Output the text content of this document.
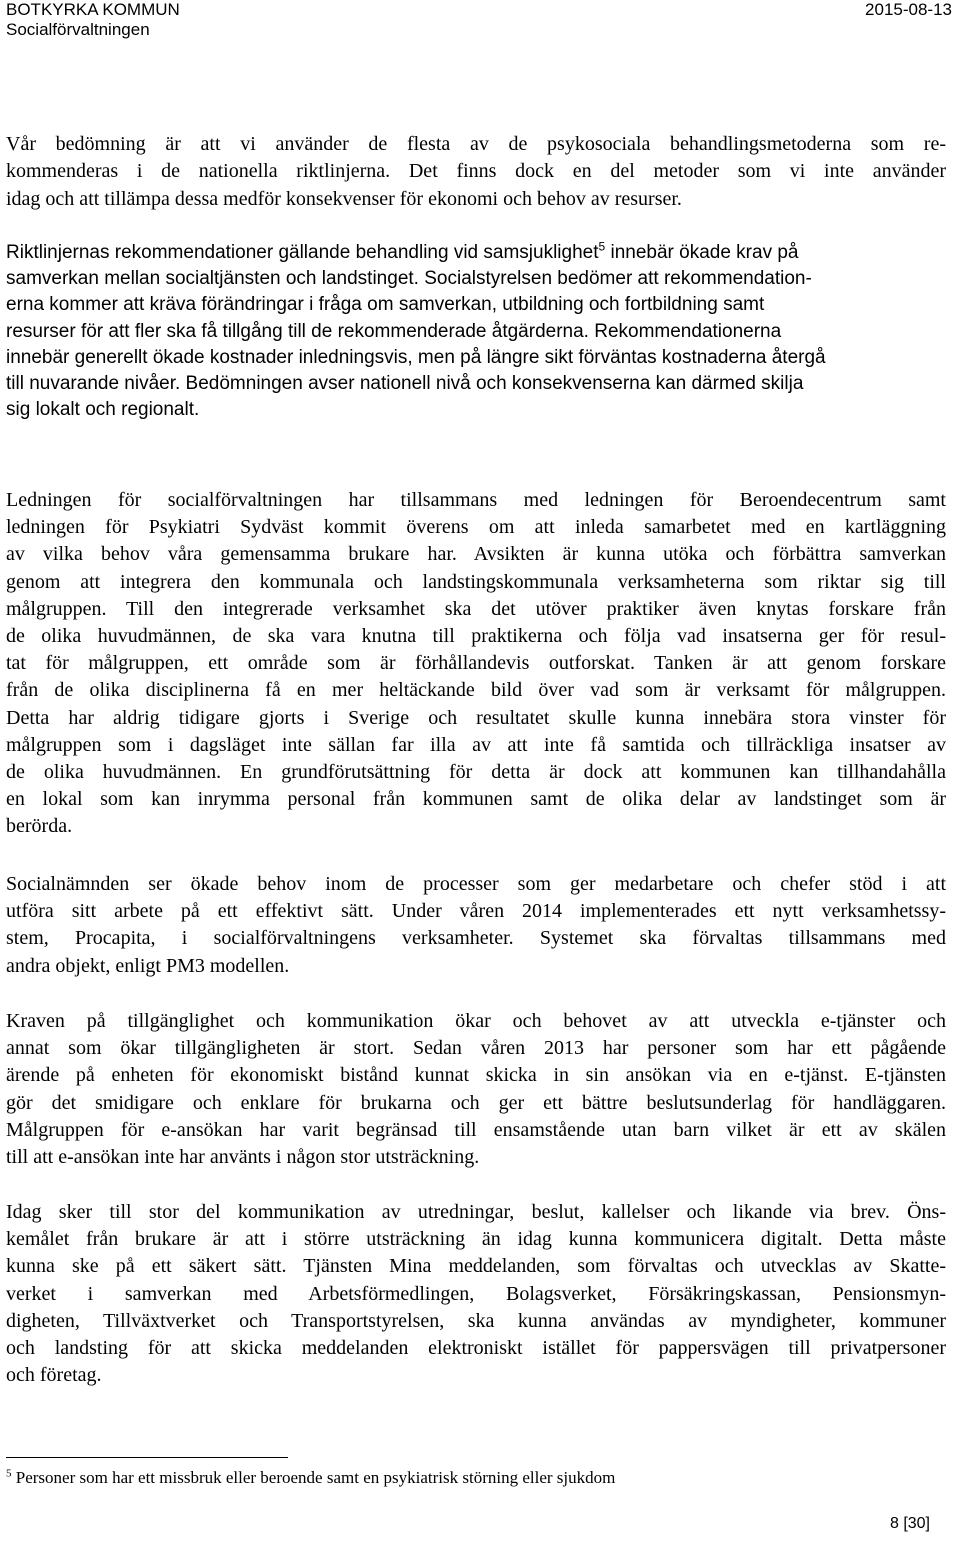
BOTKYRKA KOMMUN
Socialförvaltningen
2015-08-13
Vår bedömning är att vi använder de flesta av de psykosociala behandlingsmetoderna som re-
kommenderas i de nationella riktlinjerna. Det finns dock en del metoder som vi inte använder
idag och att tillämpa dessa medför konsekvenser för ekonomi och behov av resurser.
Riktlinjernas rekommendationer gällande behandling vid samsjuklighet$^5$ innebär ökade krav på
samverkan mellan socialtjänsten och landstinget. Socialstyrelsen bedömer att rekommendation-
erna kommer att kräva förändringar i fråga om samverkan, utbildning och fortbildning samt
resurser för att fler ska få tillgång till de rekommenderade åtgärderna. Rekommendationerna
innebär generellt ökade kostnader inledningsvis, men på längre sikt förväntas kostnaderna återgå
till nuvarande nivåer. Bedömningen avser nationell nivå och konsekvenserna kan därmed skilja
sig lokalt och regionalt.
Ledningen för socialförvaltningen har tillsammans med ledningen för Beroendecentrum samt
ledningen för Psykiatri Sydväst kommit överens om att inleda samarbetet med en kartläggning
av vilka behov våra gemensamma brukare har. Avsikten är kunna utöka och förbättra samverkan
genom att integrera den kommunala och landstingskommunala verksamheterna som riktar sig till
målgruppen. Till den integrerade verksamhet ska det utöver praktiker även knytas forskare från
de olika huvudmännen, de ska vara knutna till praktikerna och följa vad insatserna ger för resul-
tat för målgruppen, ett område som är förhållandevis outforskat. Tanken är att genom forskare
från de olika disciplinerna få en mer heltäckande bild över vad som är verksamt för målgruppen.
Detta har aldrig tidigare gjorts i Sverige och resultatet skulle kunna innebära stora vinster för
målgruppen som i dagsläget inte sällan far illa av att inte få samtida och tillräckliga insatser av
de olika huvudmännen. En grundförutsättning för detta är dock att kommunen kan tillhandahålla
en lokal som kan inrymma personal från kommunen samt de olika delar av landstinget som är
berörda.
Socialnämnden ser ökade behov inom de processer som ger medarbetare och chefer stöd i att
utföra sitt arbete på ett effektivt sätt. Under våren 2014 implementerades ett nytt verksamhetssy-
stem, Procapita, i socialförvaltningens verksamheter. Systemet ska förvaltas tillsammans med
andra objekt, enligt PM3 modellen.
Kraven på tillgänglighet och kommunikation ökar och behovet av att utveckla e-tjänster och
annat som ökar tillgängligheten är stort. Sedan våren 2013 har personer som har ett pågående
ärende på enheten för ekonomiskt bistånd kunnat skicka in sin ansökan via en e-tjänst. E-tjänsten
gör det smidigare och enklare för brukarna och ger ett bättre beslutsunderlag för handläggaren.
Målgruppen för e-ansökan har varit begränsad till ensamstående utan barn vilket är ett av skälen
till att e-ansökan inte har använts i någon stor utsträckning.
Idag sker till stor del kommunikation av utredningar, beslut, kallelser och likande via brev. Öns-
kemålet från brukare är att i större utsträckning än idag kunna kommunicera digitalt. Detta måste
kunna ske på ett säkert sätt. Tjänsten Mina meddelanden, som förvaltas och utvecklas av Skatte-
verket i samverkan med Arbetsförmedlingen, Bolagsverket, Försäkringskassan, Pensionsmyn-
digheten, Tillväxtverket och Transportstyrelsen, ska kunna användas av myndigheter, kommuner
och landsting för att skicka meddelanden elektroniskt istället för pappersvägen till privatpersoner
och företag.
$^5$ Personer som har ett missbruk eller beroende samt en psykiatrisk störning eller sjukdom
8 [30]
